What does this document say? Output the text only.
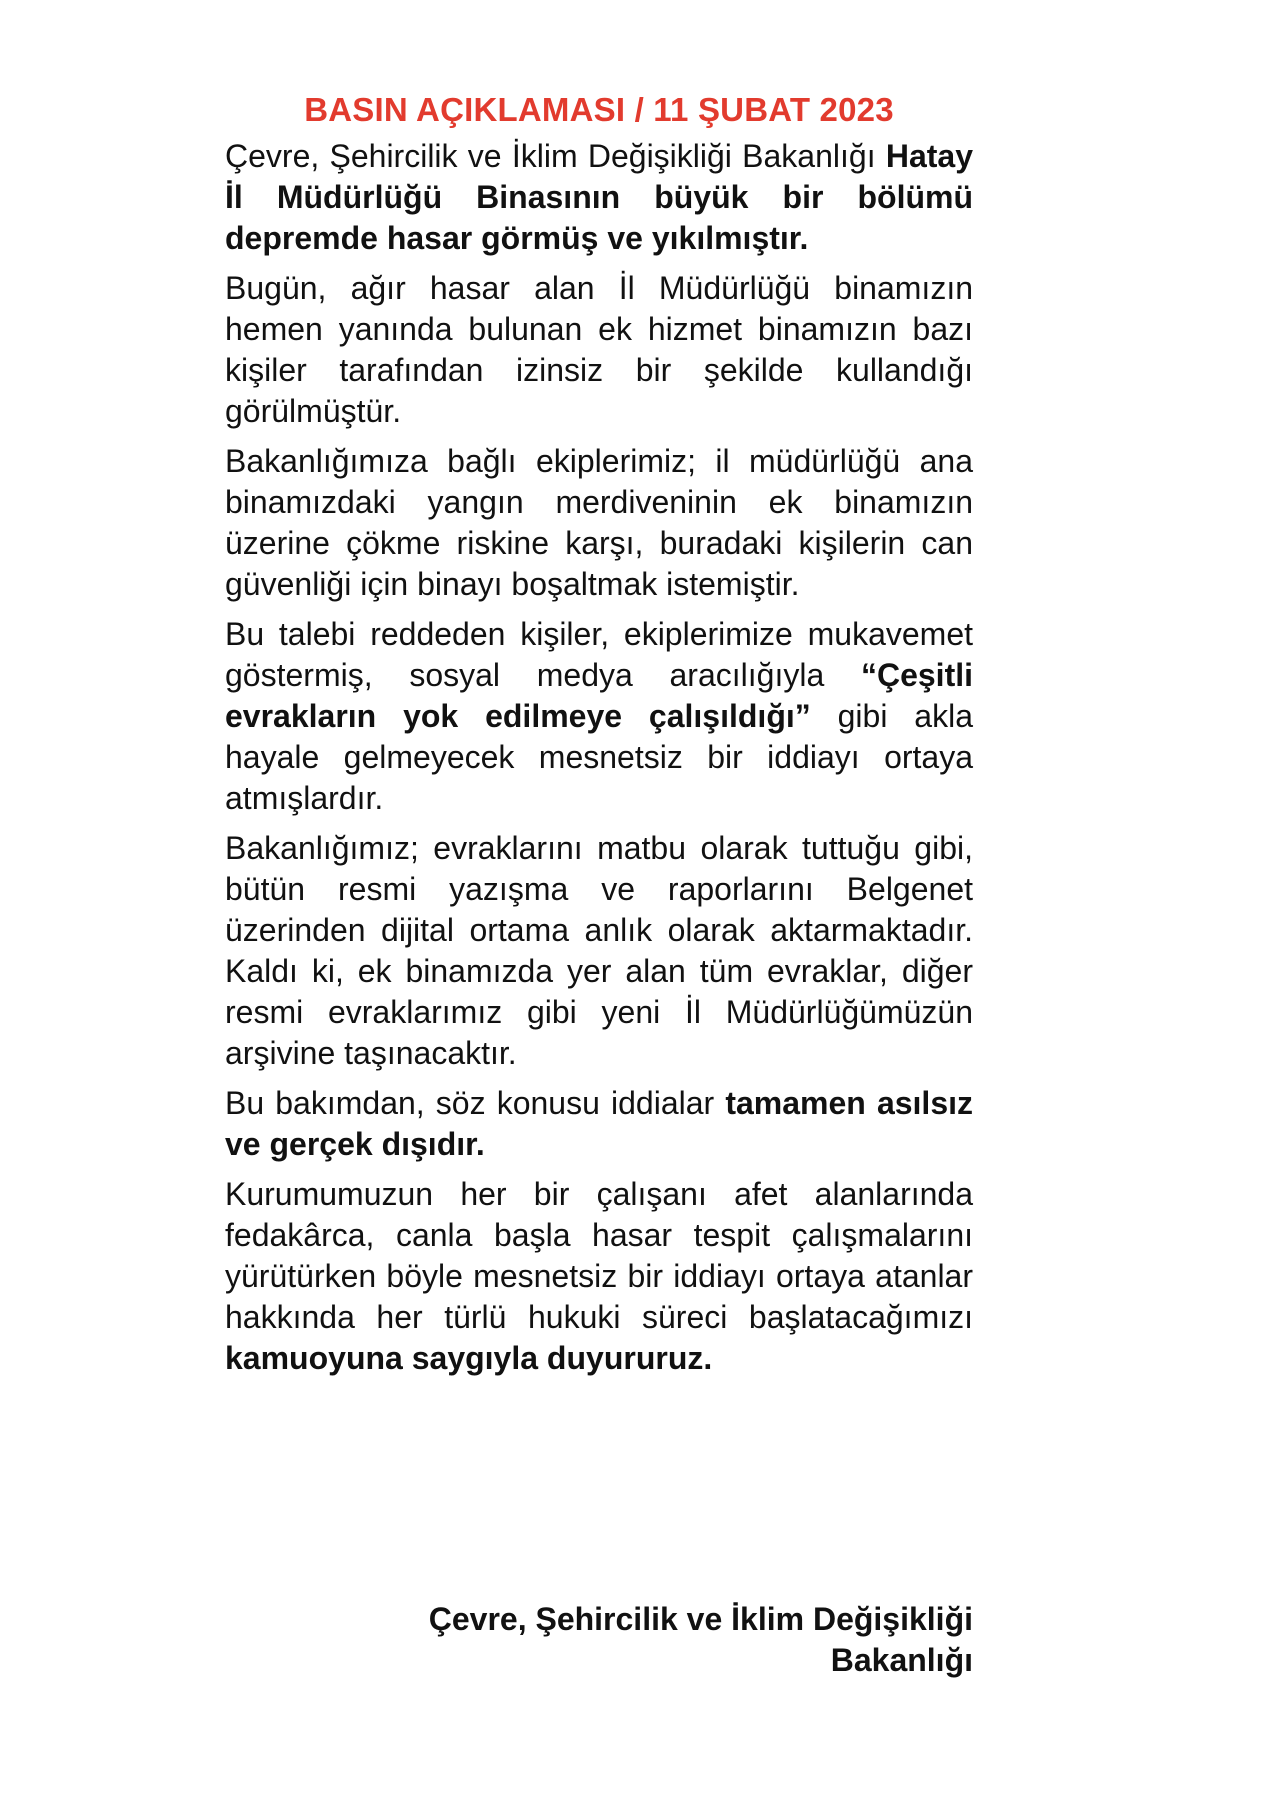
BASIN AÇIKLAMASI / 11 ŞUBAT 2023

Çevre, Şehircilik ve İklim Değişikliği Bakanlığı Hatay İl Müdürlüğü Binasının büyük bir bölümü depremde hasar görmüş ve yıkılmıştır.

Bugün, ağır hasar alan İl Müdürlüğü binamızın hemen yanında bulunan ek hizmet binamızın bazı kişiler tarafından izinsiz bir şekilde kullandığı görülmüştür.

Bakanlığımıza bağlı ekiplerimiz; il müdürlüğü ana binamızdaki yangın merdiveninin ek binamızın üzerine çökme riskine karşı, buradaki kişilerin can güvenliği için binayı boşaltmak istemiştir.

Bu talebi reddeden kişiler, ekiplerimize mukavemet göstermiş, sosyal medya aracılığıyla “Çeşitli evrakların yok edilmeye çalışıldığı” gibi akla hayale gelmeyecek mesnetsiz bir iddiayı ortaya atmışlardır.

Bakanlığımız; evraklarını matbu olarak tuttuğu gibi, bütün resmi yazışma ve raporlarını Belgenet üzerinden dijital ortama anlık olarak aktarmaktadır. Kaldı ki, ek binamızda yer alan tüm evraklar, diğer resmi evraklarımız gibi yeni İl Müdürlüğümüzün arşivine taşınacaktır.

Bu bakımdan, söz konusu iddialar tamamen asılsız ve gerçek dışıdır.

Kurumumuzun her bir çalışanı afet alanlarında fedakârca, canla başla hasar tespit çalışmalarını yürütürken böyle mesnetsiz bir iddiayı ortaya atanlar hakkında her türlü hukuki süreci başlatacağımızı kamuoyuna saygıyla duyururuz.

Çevre, Şehircilik ve İklim Değişikliği
Bakanlığı
